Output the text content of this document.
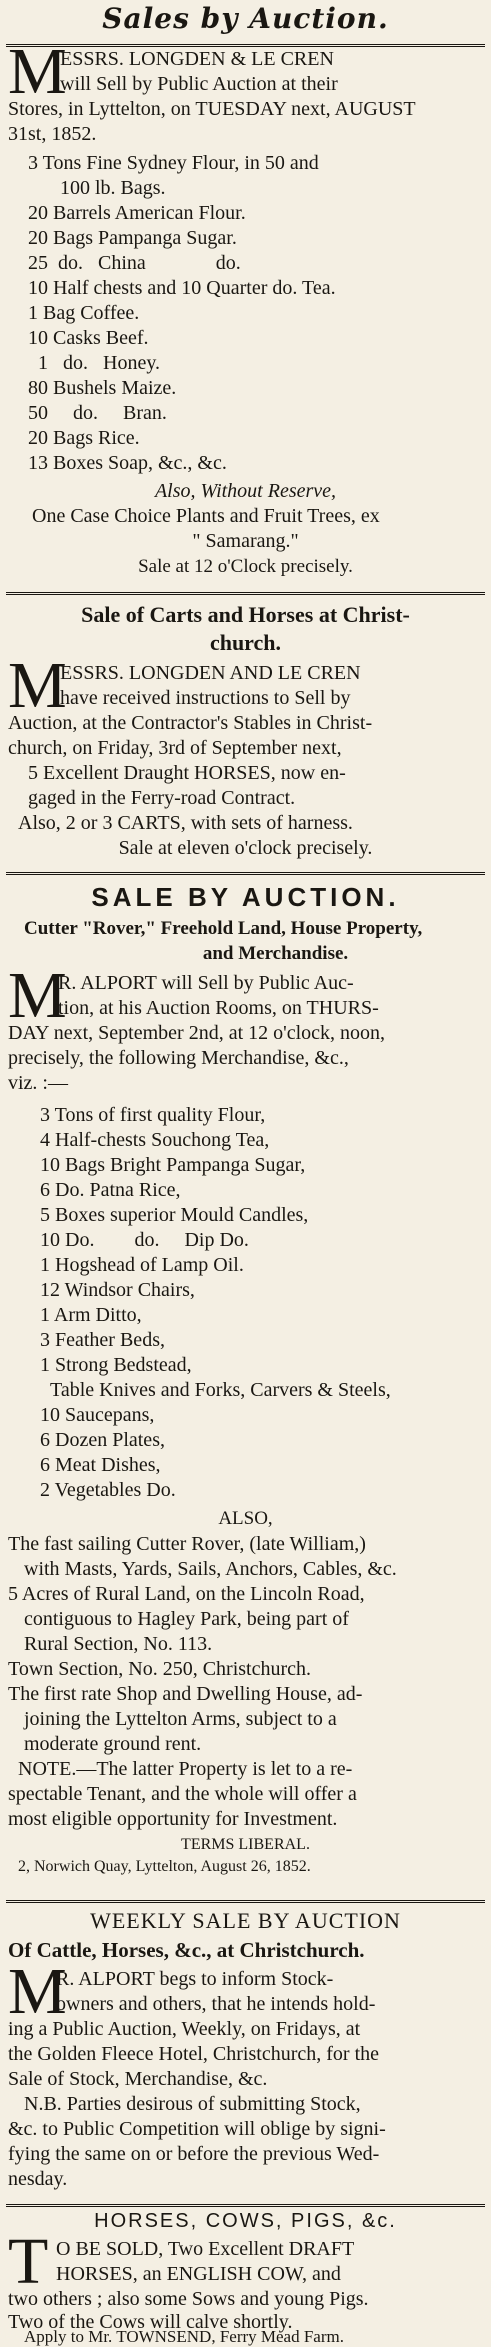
Sales by Auction.
M
ESSRS. LONGDEN & LE CREN
will Sell by Public Auction at their
Stores, in Lyttelton, on TUESDAY next, AUGUST
31st, 1852.
3 Tons Fine Sydney Flour, in 50 and
100 lb. Bags.
20 Barrels American Flour.
20 Bags Pampanga Sugar.
25  do.   China              do.
10 Half chests and 10 Quarter do. Tea.
1 Bag Coffee.
10 Casks Beef.
1   do.   Honey.
80 Bushels Maize.
50     do.     Bran.
20 Bags Rice.
13 Boxes Soap, &c., &c.
Also, Without Reserve,
One Case Choice Plants and Fruit Trees, ex
" Samarang."
Sale at 12 o'Clock precisely.
Sale of Carts and Horses at Christ-
church.
M
ESSRS. LONGDEN AND LE CREN
have received instructions to Sell by
Auction, at the Contractor's Stables in Christ-
church, on Friday, 3rd of September next,
5 Excellent Draught HORSES, now en-
gaged in the Ferry-road Contract.
Also, 2 or 3 CARTS, with sets of harness.
Sale at eleven o'clock precisely.
SALE BY AUCTION.
Cutter "Rover," Freehold Land, House Property,
and Merchandise.
M
R. ALPORT will Sell by Public Auc-
tion, at his Auction Rooms, on THURS-
DAY next, September 2nd, at 12 o'clock, noon,
precisely, the following Merchandise, &c.,
viz. :—
3 Tons of first quality Flour,
4 Half-chests Souchong Tea,
10 Bags Bright Pampanga Sugar,
6 Do. Patna Rice,
5 Boxes superior Mould Candles,
10 Do.        do.     Dip Do.
1 Hogshead of Lamp Oil.
12 Windsor Chairs,
1 Arm Ditto,
3 Feather Beds,
1 Strong Bedstead,
Table Knives and Forks, Carvers & Steels,
10 Saucepans,
6 Dozen Plates,
6 Meat Dishes,
2 Vegetables Do.
ALSO,
The fast sailing Cutter Rover, (late William,)
with Masts, Yards, Sails, Anchors, Cables, &c.
5 Acres of Rural Land, on the Lincoln Road,
contiguous to Hagley Park, being part of
Rural Section, No. 113.
Town Section, No. 250, Christchurch.
The first rate Shop and Dwelling House, ad-
joining the Lyttelton Arms, subject to a
moderate ground rent.
NOTE.—The latter Property is let to a re-
spectable Tenant, and the whole will offer a
most eligible opportunity for Investment.
TERMS LIBERAL.
2, Norwich Quay, Lyttelton, August 26, 1852.
WEEKLY SALE BY AUCTION
Of Cattle, Horses, &c., at Christchurch.
M
R. ALPORT begs to inform Stock-
owners and others, that he intends hold-
ing a Public Auction, Weekly, on Fridays, at
the Golden Fleece Hotel, Christchurch, for the
Sale of Stock, Merchandise, &c.
N.B. Parties desirous of submitting Stock,
&c. to Public Competition will oblige by signi-
fying the same on or before the previous Wed-
nesday.
HORSES, COWS, PIGS, &c.
T O BE SOLD, Two Excellent DRAFT
HORSES, an ENGLISH COW, and
two others ; also some Sows and young Pigs.
Two of the Cows will calve shortly.
Apply to Mr. TOWNSEND, Ferry Mead Farm.
